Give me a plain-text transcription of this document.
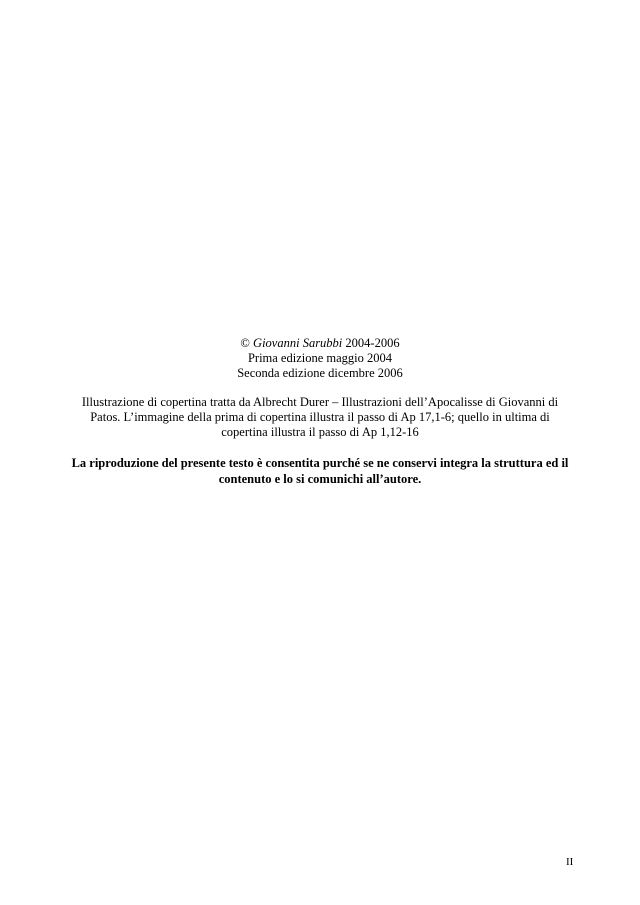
© Giovanni Sarubbi 2004-2006
Prima edizione maggio 2004
Seconda edizione dicembre 2006
Illustrazione di copertina tratta da Albrecht Durer – Illustrazioni dell’Apocalisse di Giovanni di
Patos. L’immagine della prima di copertina illustra il passo di Ap 17,1-6; quello in ultima di
copertina illustra il passo di Ap 1,12-16
La riproduzione del presente testo è consentita purché se ne conservi integra la struttura ed il
contenuto e lo si comunichi all’autore.
II
